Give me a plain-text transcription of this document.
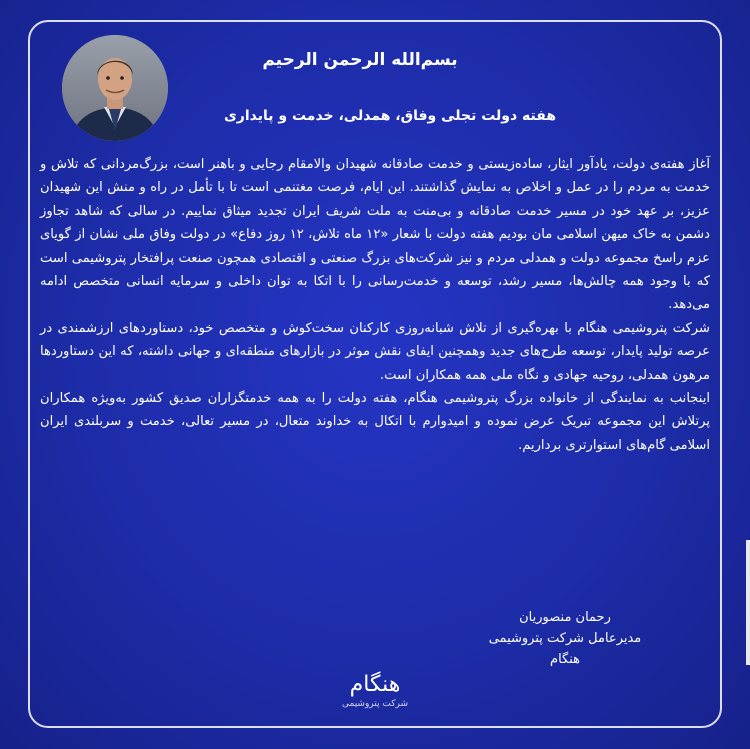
بسم‌الله الرحمن الرحیم
هفته دولت تجلی وفاق، همدلی، خدمت و پایداری

آغاز هفته‌ی دولت، یادآور ایثار، ساده‌زیستی و خدمت صادقانه شهیدان والامقام رجایی و باهنر است، بزرگ‌مردانی که تلاش و خدمت به مردم را در عمل و اخلاص به نمایش گذاشتند. این ایام، فرصت مغتنمی است تا با تأمل در راه و منش این شهیدان عزیز، بر عهد خود در مسیر خدمت صادقانه و بی‌منت به ملت شریف ایران تجدید میثاق نماییم. در سالی که شاهد تجاوز دشمن به خاک میهن اسلامی مان بودیم هفته دولت با شعار «۱۲ ماه تلاش، ۱۲ روز دفاع» در دولت وفاق ملی نشان از گویای عزم راسخ مجموعه دولت و همدلی مردم و نیز شرکت‌های بزرگ صنعتی و اقتصادی همچون صنعت پرافتخار پتروشیمی است که با وجود همه چالش‌ها، مسیر رشد، توسعه و خدمت‌رسانی را با اتکا به توان داخلی و سرمایه انسانی متخصص ادامه می‌دهد.

شرکت پتروشیمی هنگام با بهره‌گیری از تلاش شبانه‌روزی کارکنان سخت‌کوش و متخصص خود، دستاوردهای ارزشمندی در عرصه تولید پایدار، توسعه طرح‌های جدید وهمچنین ایفای نقش موثر در بازارهای منطقه‌ای و جهانی داشته، که این دستاوردها مرهون همدلی، روحیه جهادی و نگاه ملی همه همکاران است.

اینجانب به نمایندگی از خانواده بزرگ پتروشیمی هنگام، هفته دولت را به همه خدمتگزاران صدیق کشور به‌ویژه همکاران پرتلاش این مجموعه تبریک عرض نموده و امیدوارم با اتکال به خداوند متعال، در مسیر تعالی، خدمت و سربلندی ایران اسلامی گام‌های استوارتری برداریم.

رحمان منصوریان
مدیرعامل شرکت پتروشیمی هنگام
هنگام
شرکت پتروشیمی
